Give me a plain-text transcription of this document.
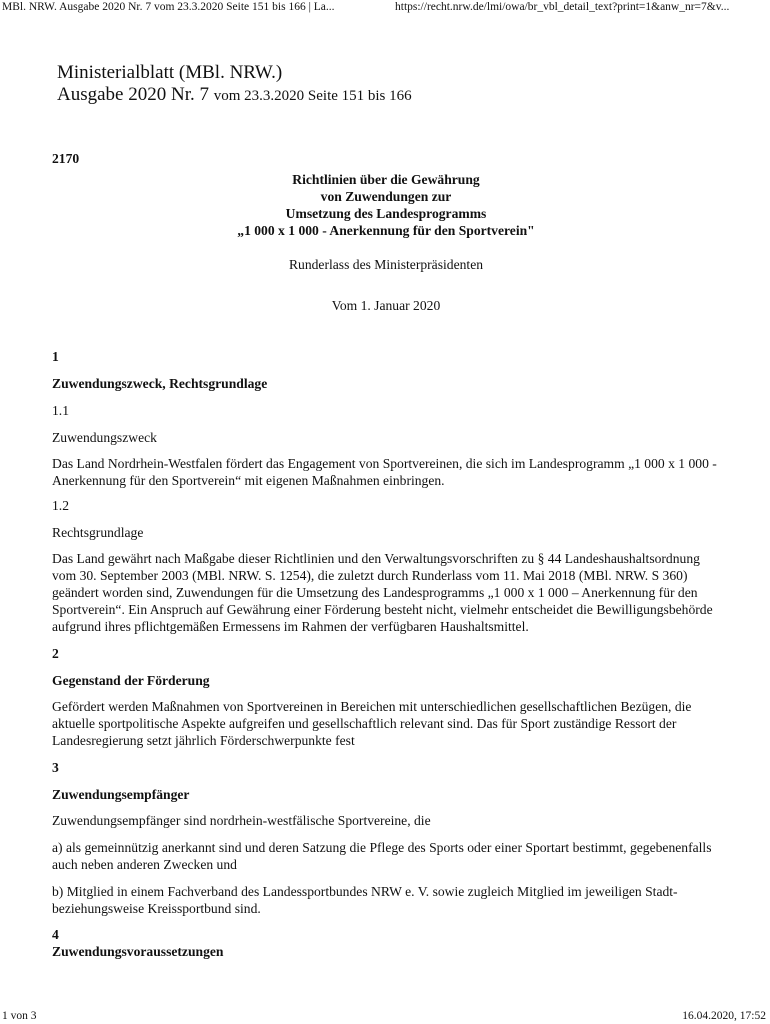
MBl. NRW. Ausgabe 2020 Nr. 7 vom 23.3.2020 Seite 151 bis 166 | La...	https://recht.nrw.de/lmi/owa/br_vbl_detail_text?print=1&anw_nr=7&v...
Ministerialblatt (MBl. NRW.)
Ausgabe 2020 Nr. 7 vom 23.3.2020 Seite 151 bis 166

2170

Richtlinien über die Gewährung
von Zuwendungen zur
Umsetzung des Landesprogramms
„1 000 x 1 000 - Anerkennung für den Sportverein"

Runderlass des Ministerpräsidenten

Vom 1. Januar 2020

1

Zuwendungszweck, Rechtsgrundlage

1.1

Zuwendungszweck

Das Land Nordrhein-Westfalen fördert das Engagement von Sportvereinen, die sich im Landesprogramm „1 000 x 1 000 - Anerkennung für den Sportverein“ mit eigenen Maßnahmen einbringen.

1.2

Rechtsgrundlage

Das Land gewährt nach Maßgabe dieser Richtlinien und den Verwaltungsvorschriften zu § 44 Landeshaushaltsordnung vom 30. September 2003 (MBl. NRW. S. 1254), die zuletzt durch Runderlass vom 11. Mai 2018 (MBl. NRW. S 360) geändert worden sind, Zuwendungen für die Umsetzung des Landesprogramms „1 000 x 1 000 – Anerkennung für den Sportverein“. Ein Anspruch auf Gewährung einer Förderung besteht nicht, vielmehr entscheidet die Bewilligungsbehörde aufgrund ihres pflichtgemäßen Ermessens im Rahmen der verfügbaren Haushaltsmittel.

2

Gegenstand der Förderung

Gefördert werden Maßnahmen von Sportvereinen in Bereichen mit unterschiedlichen gesellschaftlichen Bezügen, die aktuelle sportpolitische Aspekte aufgreifen und gesellschaftlich relevant sind. Das für Sport zuständige Ressort der Landesregierung setzt jährlich Förderschwerpunkte fest

3

Zuwendungsempfänger

Zuwendungsempfänger sind nordrhein-westfälische Sportvereine, die

a) als gemeinnützig anerkannt sind und deren Satzung die Pflege des Sports oder einer Sportart bestimmt, gegebenenfalls auch neben anderen Zwecken und

b) Mitglied in einem Fachverband des Landessportbundes NRW e. V. sowie zugleich Mitglied im jeweiligen Stadt- beziehungsweise Kreissportbund sind.

4

Zuwendungsvoraussetzungen

1 von 3	16.04.2020, 17:52
